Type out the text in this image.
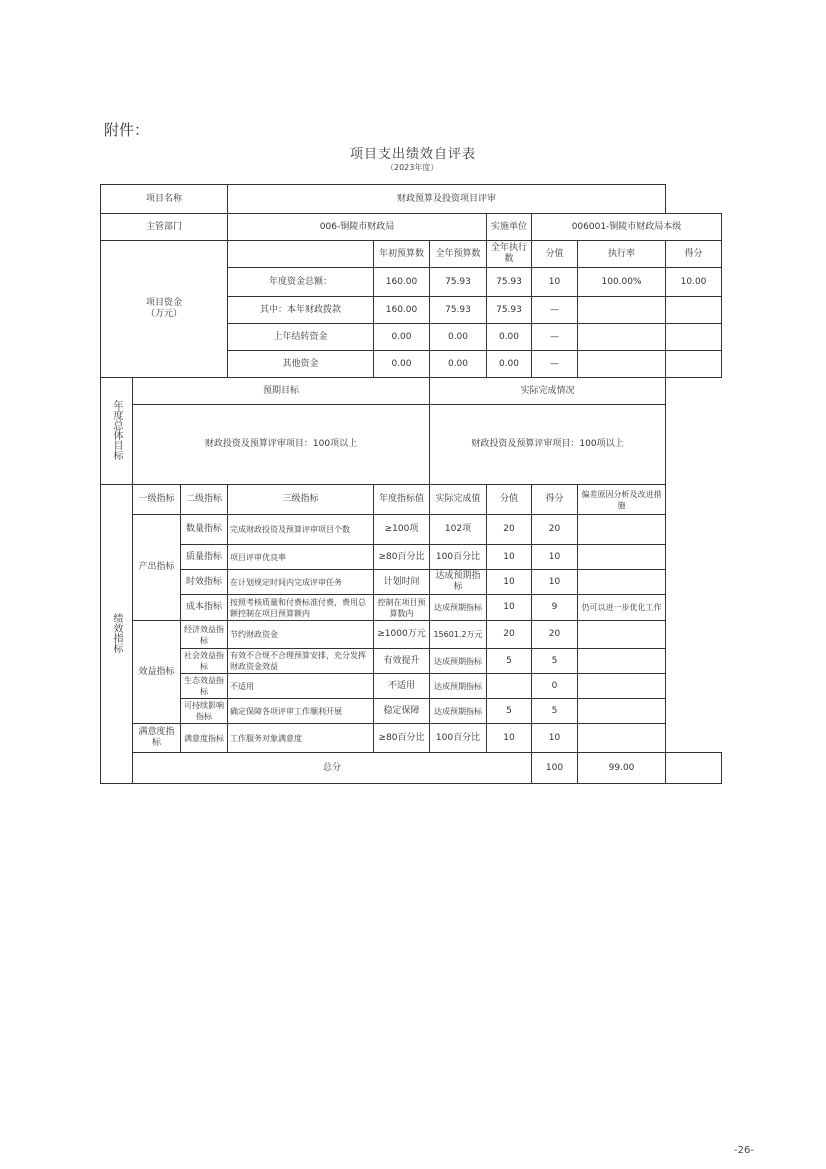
附件：
项目支出绩效自评表
（2023年度）
项目名称			财政预算及投资项目评审						
主管部门			006-铜陵市财政局			实施单位	006001-铜陵市财政局本级		
项目资金
（万元）				年初预算数	全年预算数	全年执行数	分值	执行率	得分
			年度资金总额：	160.00	75.93	75.93	10	100.00%	10.00
			其中：本年财政拨款	160.00	75.93	75.93	—		
			上年结转资金	0.00	0.00	0.00	—		
			其他资金	0.00	0.00	0.00	—		
年度总体目标	预期目标				实际完成情况				
	财政投资及预算评审项目：100项以上				财政投资及预算评审项目：100项以上				
绩效指标	一级指标	二级指标	三级指标	年度指标值	实际完成值	分值	得分	偏差原因分析及改进措施	
	产出指标	数量指标	完成财政投资及预算评审项目个数	≥100项	102项	20	20		
		质量指标	项目评审优良率	≥80百分比	100百分比	10	10		
		时效指标	在计划规定时间内完成评审任务	计划时间	达成预期指标	10	10		
		成本指标	按照考核质量和付费标准付费，费用总额控制在项目预算额内	控制在项目预算数内	达成预期指标	10	9	仍可以进一步优化工作	
	效益指标	经济效益指标	节约财政资金	≥1000万元	15601.2万元	20	20		
		社会效益指标	有效不合规不合理预算安排，充分发挥财政资金效益	有效提升	达成预期指标	5	5		
		生态效益指标	不适用	不适用	达成预期指标		0		
		可持续影响指标	确定保障各项评审工作顺利开展	稳定保障	达成预期指标	5	5		
	满意度指标	满意度指标	工作服务对象满意度	≥80百分比	100百分比	10	10		
	总分						100	99.00	
-26-
